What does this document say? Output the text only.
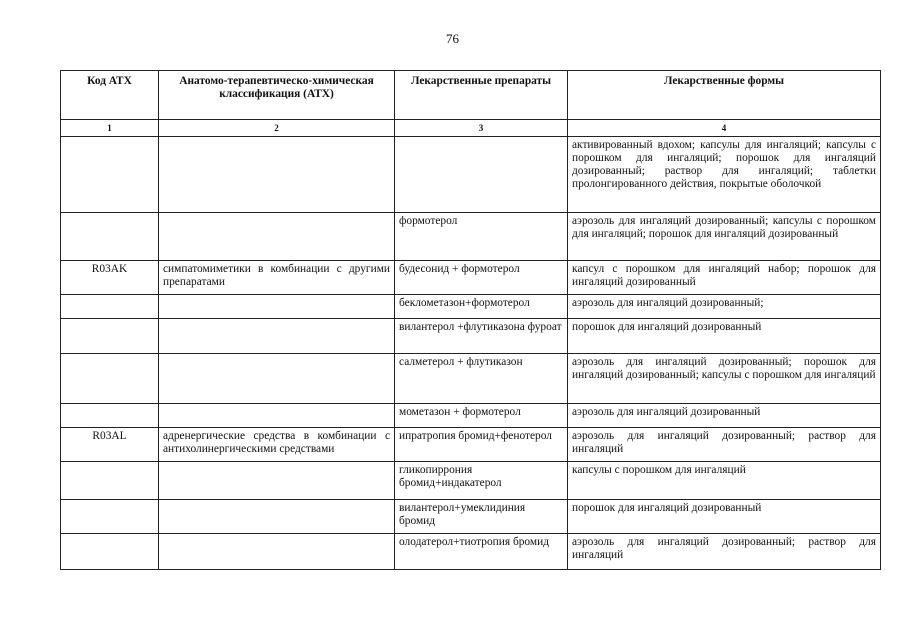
76
Код АТХ	Анатомо-терапевтическо-химическая классификация (АТХ)	Лекарственные препараты	Лекарственные формы
1	2	3	4
			активированный вдохом; капсулы для ингаляций; капсулы с порошком для ингаляций; порошок для ингаляций дозированный; раствор для ингаляций; таблетки пролонгированного действия, покрытые оболочкой
		формотерол	аэрозоль для ингаляций дозированный; капсулы с порошком для ингаляций; порошок для ингаляций дозированный
R03AK	симпатомиметики в комбинации с другими препаратами	будесонид + формотерол	капсул с порошком для ингаляций набор; порошок для ингаляций дозированный
		беклометазон+формотерол	аэрозоль для ингаляций дозированный;
		вилантерол +флутиказона фуроат	порошок для ингаляций дозированный
		салметерол + флутиказон	аэрозоль для ингаляций дозированный; порошок для ингаляций дозированный; капсулы с порошком для ингаляций
		мометазон + формотерол	аэрозоль для ингаляций дозированный
R03AL	адренергические средства в комбинации с антихолинергическими средствами	ипратропия бромид+фенотерол	аэрозоль для ингаляций дозированный; раствор для ингаляций
		гликопиррония бромид+индакатерол	капсулы с порошком для ингаляций
		вилантерол+умеклидиния бромид	порошок для ингаляций дозированный
		олодатерол+тиотропия бромид	аэрозоль для ингаляций дозированный; раствор для ингаляций
